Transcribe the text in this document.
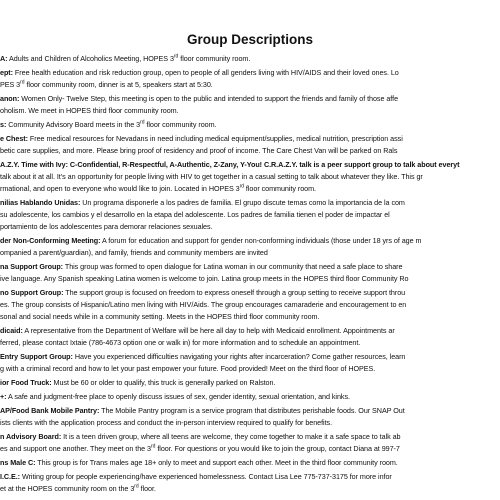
Group Descriptions
A: Adults and Children of Alcoholics Meeting, HOPES 3rd floor community room.
ept: Free health education and risk reduction group, open to people of all genders living with HIV/AIDS and their loved ones. Lo
PES 3rd floor community room, dinner is at 5, speakers start at 5:30.
anon: Women Only- Twelve Step, this meeting is open to the public and intended to support the friends and family of those affe
oholism. We meet in HOPES third floor community room.
s: Community Advisory Board meets in the 3rd floor community room.
e Chest: Free medical resources for Nevadans in need including medical equipment/supplies, medical nutrition, prescription assi
betic care supplies, and more. Please bring proof of residency and proof of income. The Care Chest Van will be parked on Rals
A.Z.Y. Time with Ivy: C-Confidential, R-Respectful, A-Authentic, Z-Zany, Y-You! C.R.A.Z.Y. talk is a peer support group to talk about everyt
talk about it at all. It’s an opportunity for people living with HIV to get together in a casual setting to talk about whatever they like. This gr
rmational, and open to everyone who would like to join. Located in HOPES 3rd floor community room.
nilias Hablando Unidas: Un programa disponerle a los padres de familia. El grupo discute temas como la importancia de la com
su adolescente, los cambios y el desarrollo en la etapa del adolescente. Los padres de familia tienen el poder de impactar el
portamiento de los adolescentes para demorar relaciones sexuales.
der Non-Conforming Meeting: A forum for education and support for gender non-conforming individuals (those under 18 yrs of age m
ompanied a parent/guardian), and family, friends and community members are invited
na Support Group: This group was formed to open dialogue for Latina woman in our community that need a safe place to share
ive language. Any Spanish speaking Latina women is welcome to join. Latina group meets in the HOPES third floor Community Ro
no Support Group: The support group is focused on freedom to express oneself through a group setting to receive support throu
es. The group consists of Hispanic/Latino men living with HIV/Aids. The group encourages camaraderie and encouragement to en
sonal and social needs while in a community setting. Meets in the HOPES third floor community room.
dicaid: A representative from the Department of Welfare will be here all day to help with Medicaid enrollment. Appointments ar
ferred, please contact Ixtaie (786-4673 option one or walk in) for more information and to schedule an appointment.
Entry Support Group: Have you experienced difficulties navigating your rights after incarceration? Come gather resources, learn
g with a criminal record and how to let your past empower your future. Food provided! Meet on the third floor of HOPES.
ior Food Truck: Must be 60 or older to qualify, this truck is generally parked on Ralston.
+: A safe and judgment-free place to openly discuss issues of sex, gender identity, sexual orientation, and kinks.
AP/Food Bank Mobile Pantry: The Mobile Pantry program is a service program that distributes perishable foods. Our SNAP Out
ists clients with the application process and conduct the in-person interview required to qualify for benefits.
n Advisory Board: It is a teen driven group, where all teens are welcome, they come together to make it a safe space to talk ab
es and support one another. They meet on the 3rd floor. For questions or you would like to join the group, contact Diana at 997-7
ns Male C: This group is for Trans males age 18+ only to meet and support each other. Meet in the third floor community room.
I.C.E.: Writing group for people experiencing/have experienced homelessness. Contact Lisa Lee 775-737-3175 for more infor
et at the HOPES community room on the 3rd floor.
